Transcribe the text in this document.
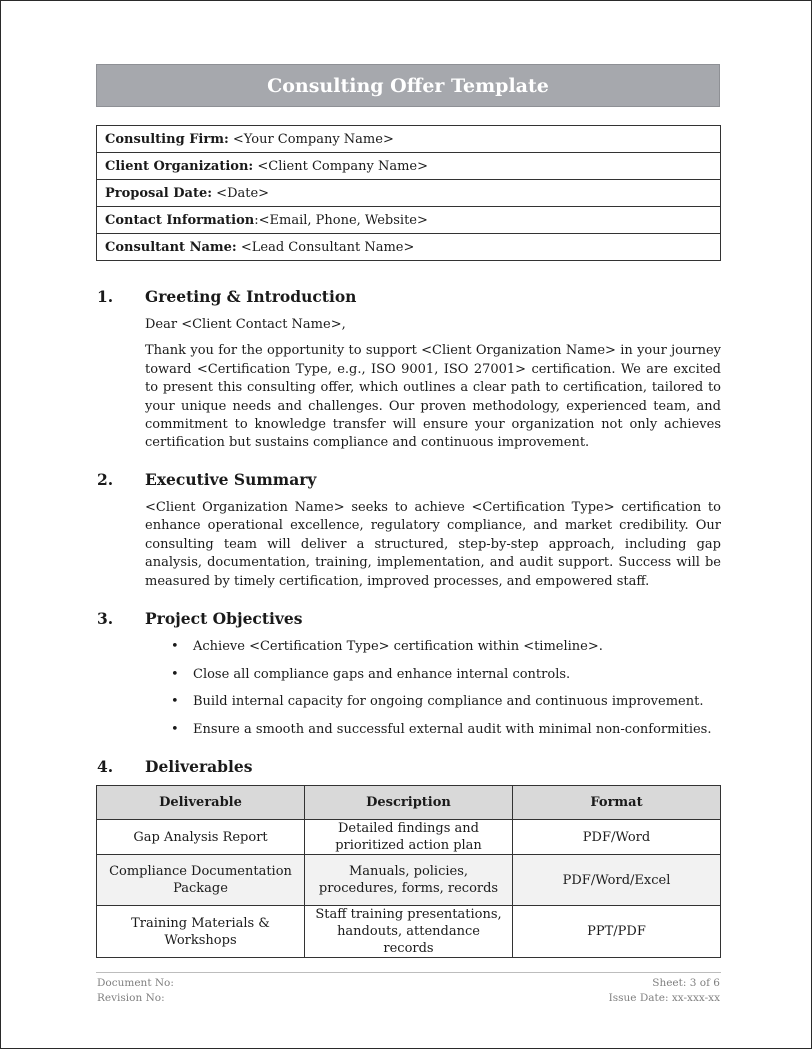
Consulting Offer Template
Consulting Firm: <Your Company Name>
Client Organization: <Client Company Name>
Proposal Date: <Date>
Contact Information:<Email, Phone, Website>
Consultant Name: <Lead Consultant Name>
1. Greeting & Introduction
Dear <Client Contact Name>,
Thank you for the opportunity to support <Client Organization Name> in your journey toward <Certification Type, e.g., ISO 9001, ISO 27001> certification. We are excited to present this consulting offer, which outlines a clear path to certification, tailored to your unique needs and challenges. Our proven methodology, experienced team, and commitment to knowledge transfer will ensure your organization not only achieves certification but sustains compliance and continuous improvement.
2. Executive Summary
<Client Organization Name> seeks to achieve <Certification Type> certification to enhance operational excellence, regulatory compliance, and market credibility. Our consulting team will deliver a structured, step-by-step approach, including gap analysis, documentation, training, implementation, and audit support. Success will be measured by timely certification, improved processes, and empowered staff.
3. Project Objectives
• Achieve <Certification Type> certification within <timeline>.
• Close all compliance gaps and enhance internal controls.
• Build internal capacity for ongoing compliance and continuous improvement.
• Ensure a smooth and successful external audit with minimal non-conformities.
4. Deliverables
Deliverable	Description	Format
Gap Analysis Report	Detailed findings and prioritized action plan	PDF/Word
Compliance Documentation Package	Manuals, policies, procedures, forms, records	PDF/Word/Excel
Training Materials & Workshops	Staff training presentations, handouts, attendance records	PPT/PDF
Document No:
Revision No:
Sheet: 3 of 6
Issue Date: xx-xxx-xx
